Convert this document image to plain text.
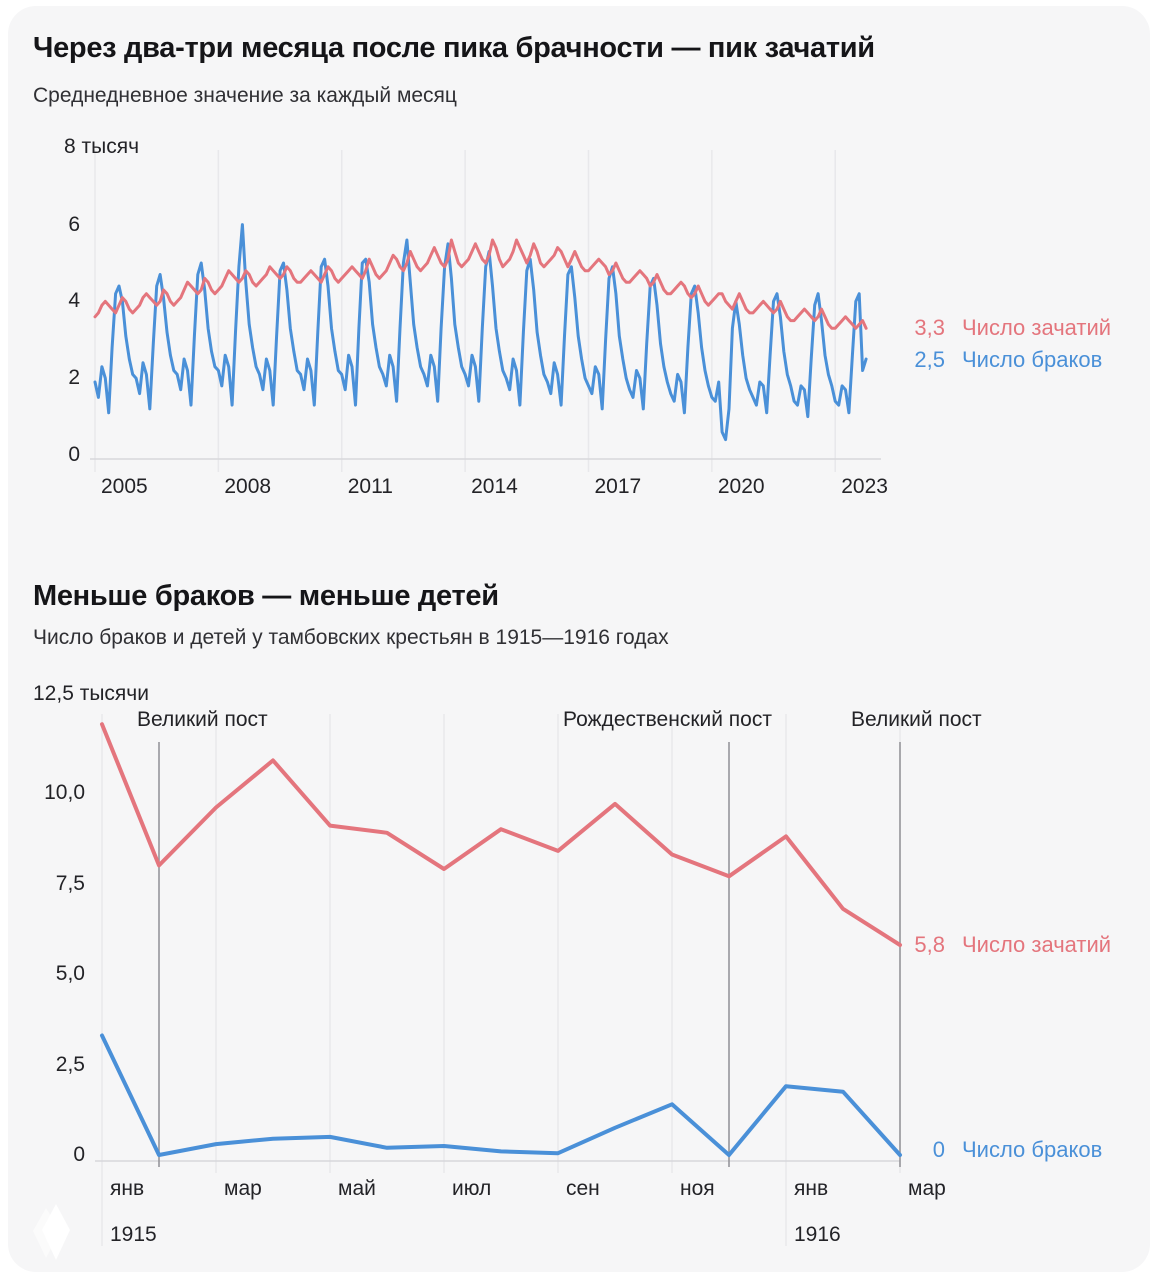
Через два-три месяца после пика брачности — пик зачатий
Среднедневное значение за каждый месяц
8 тысяч
3,3 Число зачатий
2,5 Число браков
Меньше браков — меньше детей
Число браков и детей у тамбовских крестьян в 1915—1916 годах
12,5 тысячи
Великий пост	Рождественский пост	Великий пост
5,8 Число зачатий
0 Число браков
2005	2008	2011	2014	2017	2020	2023
6
4
2
0
янв	мар	май	июл	сен	ноя	янв	мар
10,0
7,5
5,0
2,5
0
1915	1916
